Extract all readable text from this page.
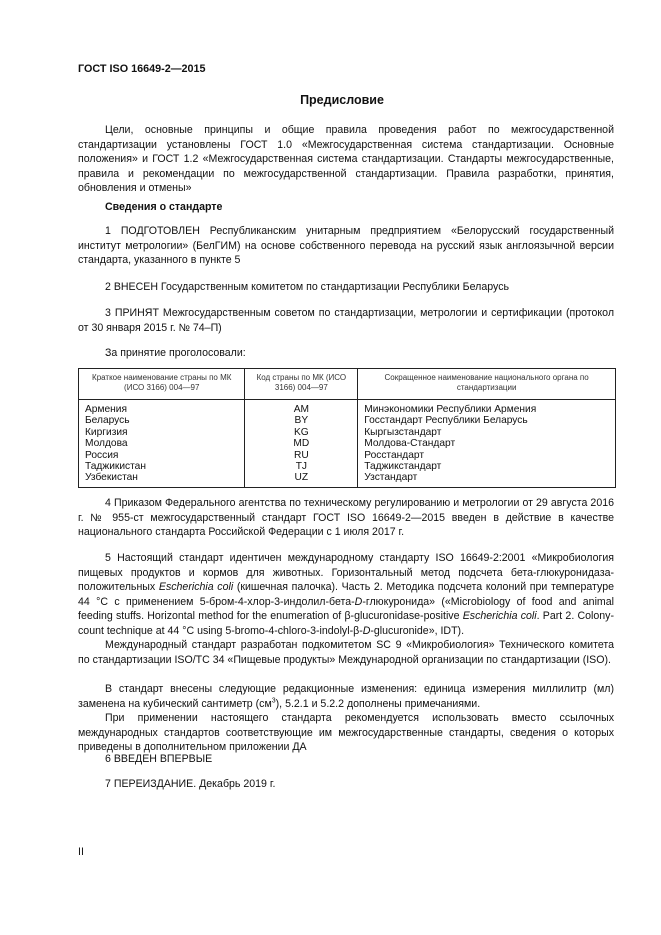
ГОСТ ISO 16649-2—2015
Предисловие

Цели, основные принципы и общие правила проведения работ по межгосударственной стандартизации установлены ГОСТ 1.0 «Межгосударственная система стандартизации. Основные положения» и ГОСТ 1.2 «Межгосударственная система стандартизации. Стандарты межгосударственные, правила и рекомендации по межгосударственной стандартизации. Правила разработки, принятия, обновления и отмены»

Сведения о стандарте

1 ПОДГОТОВЛЕН Республиканским унитарным предприятием «Белорусский государственный институт метрологии» (БелГИМ) на основе собственного перевода на русский язык англоязычной версии стандарта, указанного в пункте 5

2 ВНЕСЕН Государственным комитетом по стандартизации Республики Беларусь

3 ПРИНЯТ Межгосударственным советом по стандартизации, метрологии и сертификации (протокол от 30 января 2015 г. № 74–П)

За принятие проголосовали:
Краткое наименование страны по МК (ИСО 3166) 004—97	Код страны по МК (ИСО 3166) 004—97	Сокращенное наименование национального органа по стандартизации
Армения	AM	Минэкономики Республики Армения
Беларусь	BY	Госстандарт Республики Беларусь
Киргизия	KG	Кыргызстандарт
Молдова	MD	Молдова-Стандарт
Россия	RU	Росстандарт
Таджикистан	TJ	Таджикстандарт
Узбекистан	UZ	Узстандарт

4 Приказом Федерального агентства по техническому регулированию и метрологии от 29 августа 2016 г. № 955-ст межгосударственный стандарт ГОСТ ISO 16649-2—2015 введен в действие в качестве национального стандарта Российской Федерации с 1 июля 2017 г.

5 Настоящий стандарт идентичен международному стандарту ISO 16649-2:2001 «Микробиология пищевых продуктов и кормов для животных. Горизонтальный метод подсчета бета-глюкуронидаза-положительных Escherichia coli (кишечная палочка). Часть 2. Методика подсчета колоний при температуре 44 °С с применением 5-бром-4-хлор-3-индолил-бета-D-глюкуронида» («Microbiology of food and animal feeding stuffs. Horizontal method for the enumeration of β-glucuronidase-positive Escherichia coli. Part 2. Colony-count technique at 44 °С using 5-bromo-4-chloro-3-indolyl-β-D-glucuronide», IDT).

Международный стандарт разработан подкомитетом SC 9 «Микробиология» Технического комитета по стандартизации ISO/TC 34 «Пищевые продукты» Международной организации по стандартизации (ISO).

В стандарт внесены следующие редакционные изменения: единица измерения миллилитр (мл) заменена на кубический сантиметр $(см^3)$, 5.2.1 и 5.2.2 дополнены примечаниями.

При применении настоящего стандарта рекомендуется использовать вместо ссылочных международных стандартов соответствующие им межгосударственные стандарты, сведения о которых приведены в дополнительном приложении ДА

6 ВВЕДЕН ВПЕРВЫЕ

7 ПЕРЕИЗДАНИЕ. Декабрь 2019 г.

II
